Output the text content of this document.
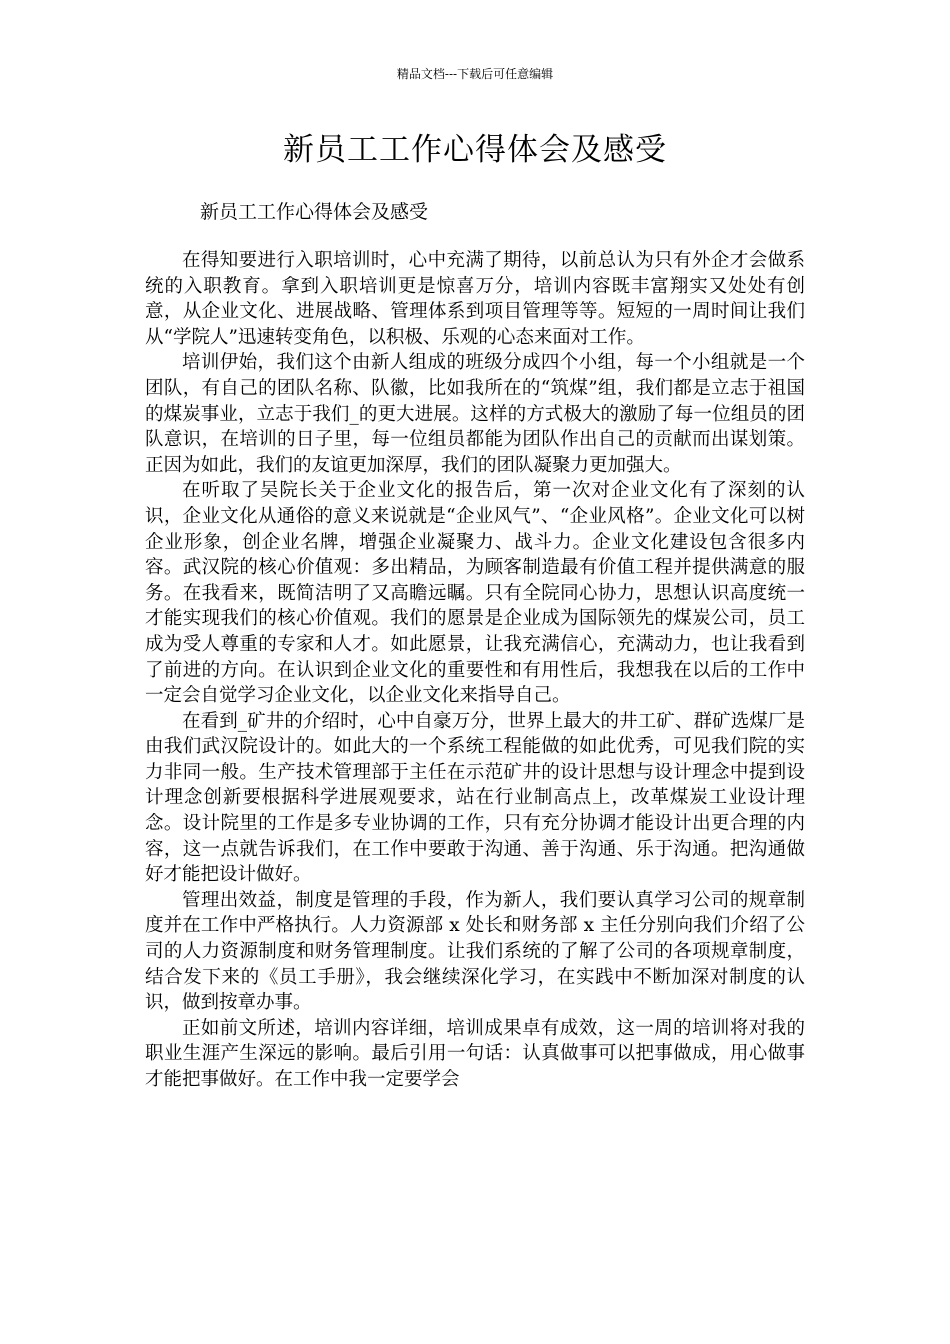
精品文档---下载后可任意编辑
新员工工作心得体会及感受

新员工工作心得体会及感受

在得知要进行入职培训时，心中充满了期待，以前总认为只有外企才会做系统的入职教育。拿到入职培训更是惊喜万分，培训内容既丰富翔实又处处有创意，从企业文化、进展战略、管理体系到项目管理等等。短短的一周时间让我们从“学院人”迅速转变角色，以积极、乐观的心态来面对工作。

培训伊始，我们这个由新人组成的班级分成四个小组，每一个小组就是一个团队，有自己的团队名称、队徽，比如我所在的“筑煤”组，我们都是立志于祖国的煤炭事业，立志于我们_的更大进展。这样的方式极大的激励了每一位组员的团队意识，在培训的日子里，每一位组员都能为团队作出自己的贡献而出谋划策。正因为如此，我们的友谊更加深厚，我们的团队凝聚力更加强大。

在听取了吴院长关于企业文化的报告后，第一次对企业文化有了深刻的认识，企业文化从通俗的意义来说就是“企业风气”、“企业风格”。企业文化可以树企业形象，创企业名牌，增强企业凝聚力、战斗力。企业文化建设包含很多内容。武汉院的核心价值观：多出精品，为顾客制造最有价值工程并提供满意的服务。在我看来，既简洁明了又高瞻远瞩。只有全院同心协力，思想认识高度统一才能实现我们的核心价值观。我们的愿景是企业成为国际领先的煤炭公司，员工成为受人尊重的专家和人才。如此愿景，让我充满信心，充满动力，也让我看到了前进的方向。在认识到企业文化的重要性和有用性后，我想我在以后的工作中一定会自觉学习企业文化，以企业文化来指导自己。

在看到_矿井的介绍时，心中自豪万分，世界上最大的井工矿、群矿选煤厂是由我们武汉院设计的。如此大的一个系统工程能做的如此优秀，可见我们院的实力非同一般。生产技术管理部于主任在示范矿井的设计思想与设计理念中提到设计理念创新要根据科学进展观要求，站在行业制高点上，改革煤炭工业设计理念。设计院里的工作是多专业协调的工作，只有充分协调才能设计出更合理的内容，这一点就告诉我们，在工作中要敢于沟通、善于沟通、乐于沟通。把沟通做好才能把设计做好。

管理出效益，制度是管理的手段，作为新人，我们要认真学习公司的规章制度并在工作中严格执行。人力资源部 x 处长和财务部 x 主任分别向我们介绍了公司的人力资源制度和财务管理制度。让我们系统的了解了公司的各项规章制度，结合发下来的《员工手册》，我会继续深化学习，在实践中不断加深对制度的认识，做到按章办事。

正如前文所述，培训内容详细，培训成果卓有成效，这一周的培训将对我的职业生涯产生深远的影响。最后引用一句话：认真做事可以把事做成，用心做事才能把事做好。在工作中我一定要学会
